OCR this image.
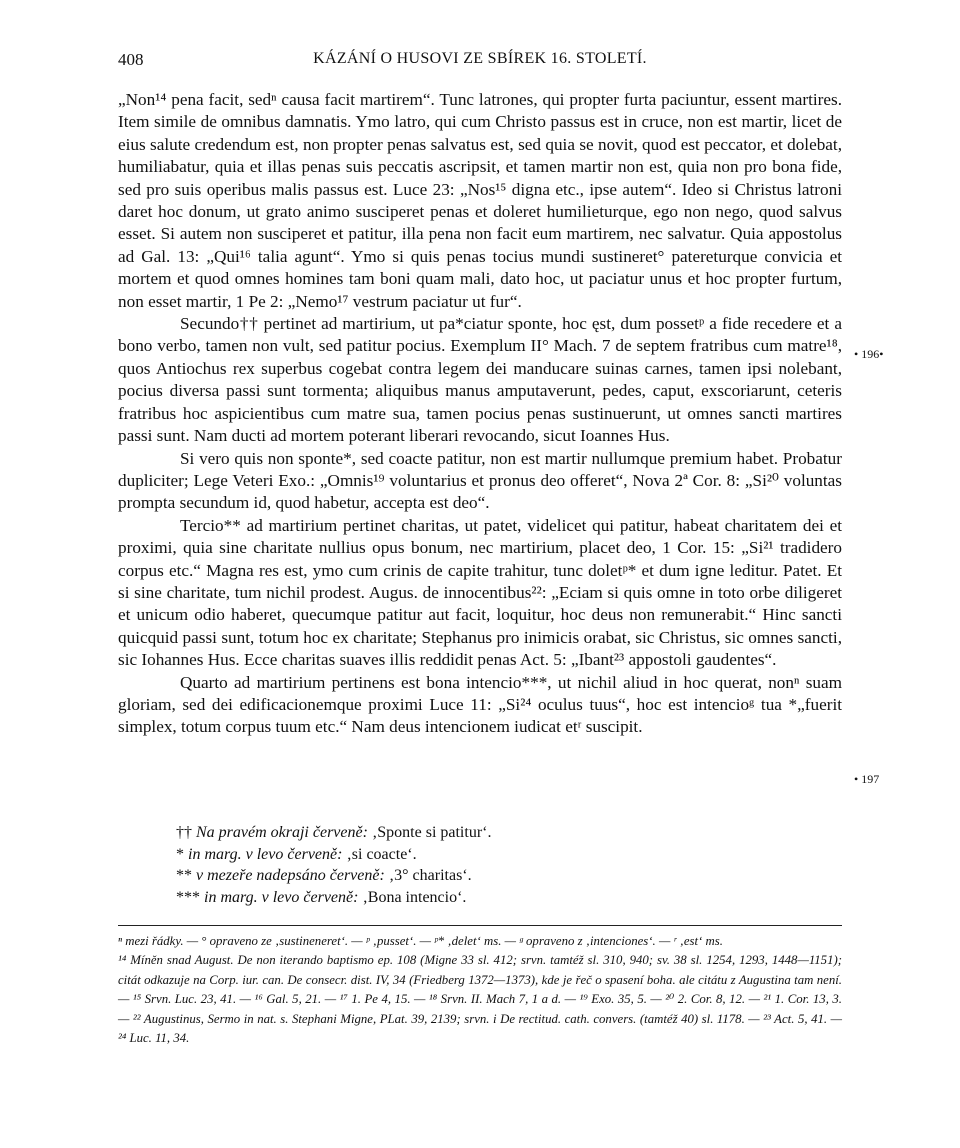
408	KÁZÁNÍ O HUSOVI ZE SBÍREK 16. STOLETÍ.

„Non¹⁴ pena facit, sedⁿ causa facit martirem“. Tunc latrones, qui propter furta paciuntur, essent martires. Item simile de omnibus damnatis. Ymo latro, qui cum Christo passus est in cruce, non est martir, licet de eius salute credendum est, non propter penas salvatus est, sed quia se novit, quod est peccator, et dolebat, humiliabatur, quia et illas penas suis peccatis ascripsit, et tamen martir non est, quia non pro bona fide, sed pro suis operibus malis passus est. Luce 23: „Nos¹⁵ digna etc., ipse autem“. Ideo si Christus latroni daret hoc donum, ut grato animo susciperet penas et doleret humilieturque, ego non nego, quod salvus esset. Si autem non susciperet et patitur, illa pena non facit eum martirem, nec salvatur. Quia appostolus ad Gal. 13: „Qui¹⁶ talia agunt“. Ymo si quis penas tocius mundi sustineret° patereturque convicia et mortem et quod omnes homines tam boni quam mali, dato hoc, ut paciatur unus et hoc propter furtum, non esset martir, 1 Pe 2: „Nemo¹⁷ vestrum paciatur ut fur“.

Secundo†† pertinet ad martirium, ut pa*ciatur sponte, hoc ęst, dum possetᵖ a fide recedere et a bono verbo, tamen non vult, sed patitur pocius. Exemplum II° Mach. 7 de septem fratribus cum matre¹⁸, quos Antiochus rex superbus cogebat contra legem dei manducare suinas carnes, tamen ipsi nolebant, pocius diversa passi sunt tormenta; aliquibus manus amputaverunt, pedes, caput, exscoriarunt, ceteris fratribus hoc aspicientibus cum matre sua, tamen pocius penas sustinuerunt, ut omnes sancti martires passi sunt. Nam ducti ad mortem poterant liberari revocando, sicut Ioannes Hus.

Si vero quis non sponte*, sed coacte patitur, non est martir nullumque premium habet. Probatur dupliciter; Lege Veteri Exo.: „Omnis¹⁹ voluntarius et pronus deo offeret“, Nova 2ª Cor. 8: „Si²⁰ voluntas prompta secundum id, quod habetur, accepta est deo“.

Tercio** ad martirium pertinet charitas, ut patet, videlicet qui patitur, habeat charitatem dei et proximi, quia sine charitate nullius opus bonum, nec martirium, placet deo, 1 Cor. 15: „Si²¹ tradidero corpus etc.“ Magna res est, ymo cum crinis de capite trahitur, tunc doletᵖ* et dum igne leditur. Patet. Et si sine charitate, tum nichil prodest. Augus. de innocentibus²²: „Eciam si quis omne in toto orbe diligeret et unicum odio haberet, quecumque patitur aut facit, loquitur, hoc deus non remunerabit.“ Hinc sancti quicquid passi sunt, totum hoc ex charitate; Stephanus pro inimicis orabat, sic Christus, sic omnes sancti, sic Iohannes Hus. Ecce charitas suaves illis reddidit penas Act. 5: „Ibant²³ appostoli gaudentes“.

Quarto ad martirium pertinens est bona intencio***, ut nichil aliud in hoc querat, nonⁿ suam gloriam, sed dei edificacionemque proximi Luce 11: „Si²⁴ oculus tuus“, hoc est intencioᵍ tua *„fuerit simplex, totum corpus tuum etc.“ Nam deus intencionem iudicat etʳ suscipit.

• 196•
• 197

†† Na pravém okraji červeně: ‚Sponte si patitur‘.

* in marg. v levo červeně: ‚si coacte‘.

** v mezeře nadepsáno červeně: ‚3° charitas‘.

*** in marg. v levo červeně: ‚Bona intencio‘.

ⁿ mezi řádky. — ° opraveno ze ‚sustineneret‘. — ᵖ ‚pusset‘. — ᵖ* ‚delet‘ ms. — ᵍ opraveno z ‚intenciones‘. — ʳ ‚est‘ ms.

¹⁴ Míněn snad August. De non iterando baptismo ep. 108 (Migne 33 sl. 412; srvn. tamtéž sl. 310, 940; sv. 38 sl. 1254, 1293, 1448—1151); citát odkazuje na Corp. iur. can. De consecr. dist. IV, 34 (Friedberg 1372—1373), kde je řeč o spasení boha. ale citátu z Augustina tam není. — ¹⁵ Srvn. Luc. 23, 41. — ¹⁶ Gal. 5, 21. — ¹⁷ 1. Pe 4, 15. — ¹⁸ Srvn. II. Mach 7, 1 a d. — ¹⁹ Exo. 35, 5. — ²⁰ 2. Cor. 8, 12. — ²¹ 1. Cor. 13, 3. — ²² Augustinus, Sermo in nat. s. Stephani Migne, PLat. 39, 2139; srvn. i De rectitud. cath. convers. (tamtéž 40) sl. 1178. — ²³ Act. 5, 41. — ²⁴ Luc. 11, 34.
